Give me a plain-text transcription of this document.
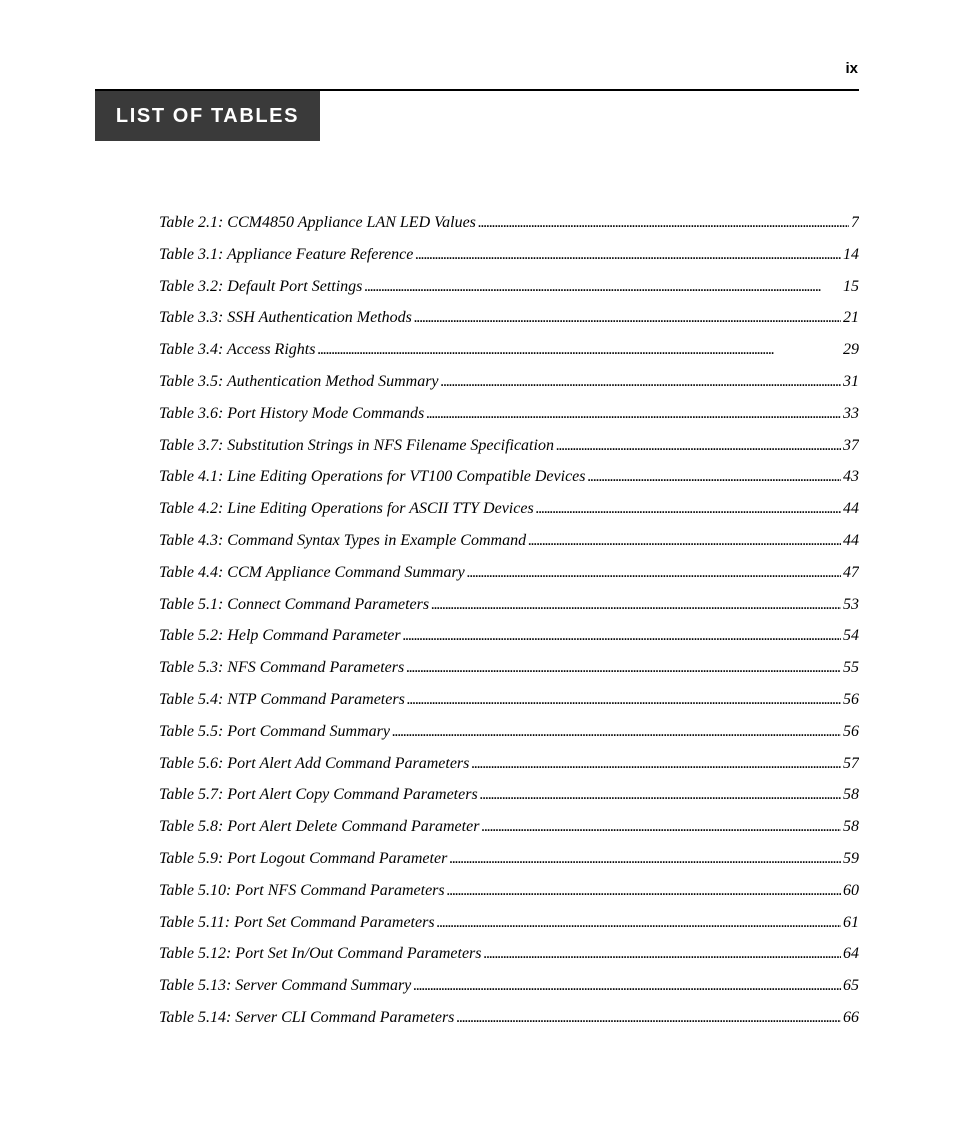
ix
LIST OF TABLES
Table 2.1: CCM4850 Appliance LAN LED Values . . .	7
Table 3.1: Appliance Feature Reference . . .	14
Table 3.2: Default Port Settings . . .	15
Table 3.3: SSH Authentication Methods . . .	21
Table 3.4: Access Rights . . .	29
Table 3.5: Authentication Method Summary . . .	31
Table 3.6: Port History Mode Commands . . .	33
Table 3.7: Substitution Strings in NFS Filename Specification . . .	37
Table 4.1: Line Editing Operations for VT100 Compatible Devices . . .	43
Table 4.2: Line Editing Operations for ASCII TTY Devices . . .	44
Table 4.3: Command Syntax Types in Example Command . . .	44
Table 4.4: CCM Appliance Command Summary . . .	47
Table 5.1: Connect Command Parameters . . .	53
Table 5.2: Help Command Parameter . . .	54
Table 5.3: NFS Command Parameters . . .	55
Table 5.4: NTP Command Parameters . . .	56
Table 5.5: Port Command Summary . . .	56
Table 5.6: Port Alert Add Command Parameters . . .	57
Table 5.7: Port Alert Copy Command Parameters . . .	58
Table 5.8: Port Alert Delete Command Parameter . . .	58
Table 5.9: Port Logout Command Parameter . . .	59
Table 5.10: Port NFS Command Parameters . . .	60
Table 5.11: Port Set Command Parameters . . .	61
Table 5.12: Port Set In/Out Command Parameters . . .	64
Table 5.13: Server Command Summary . . .	65
Table 5.14: Server CLI Command Parameters . . .	66
